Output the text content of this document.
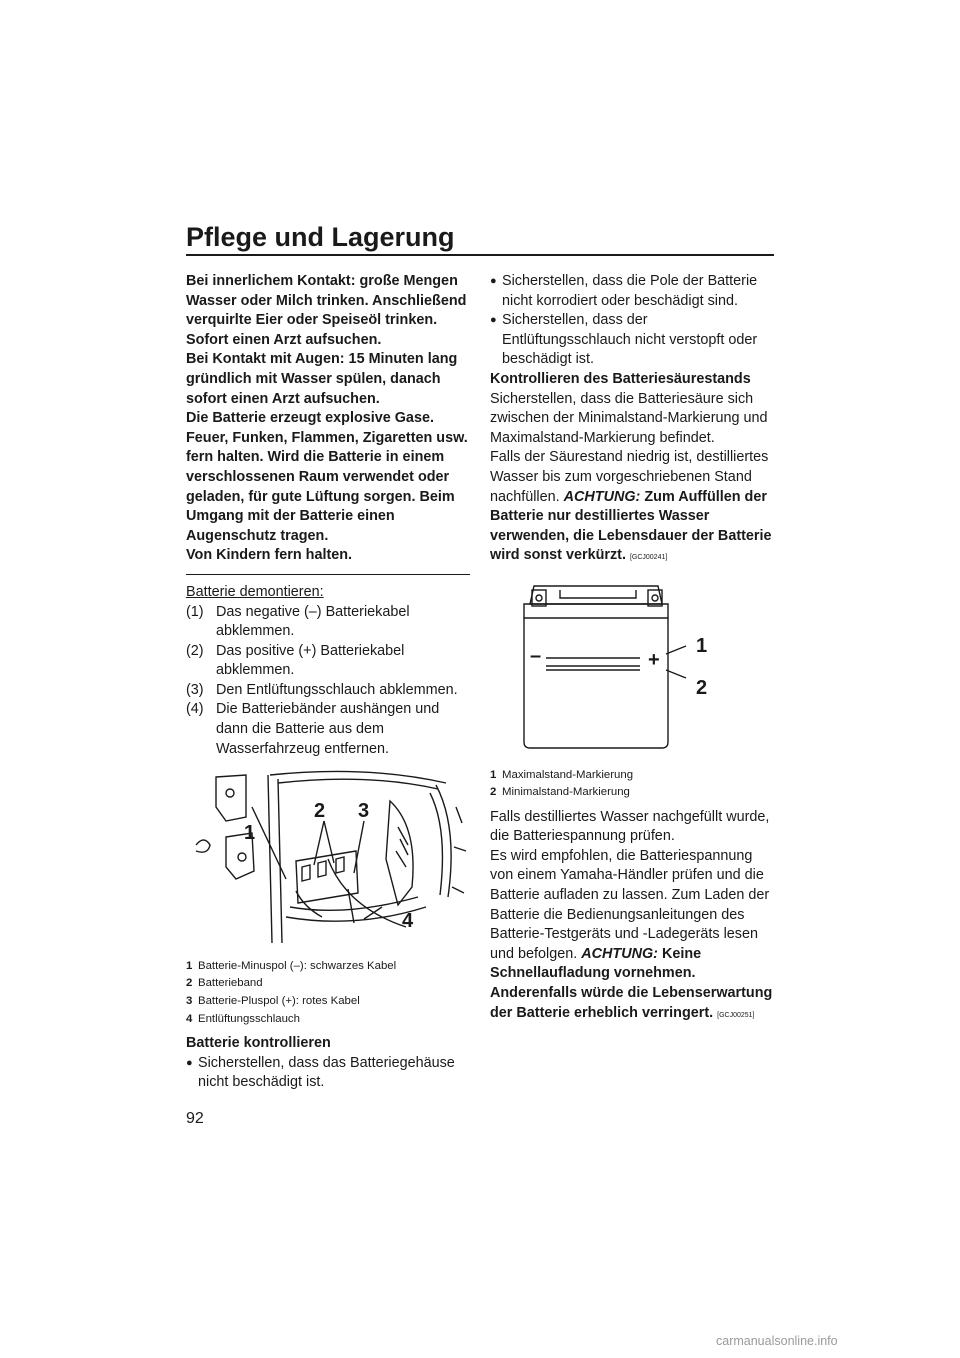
Pflege und Lagerung
92
Bei innerlichem Kontakt: große Mengen Wasser oder Milch trinken. Anschließend verquirlte Eier oder Speiseöl trinken. Sofort einen Arzt aufsuchen.
Bei Kontakt mit Augen: 15 Minuten lang gründlich mit Wasser spülen, danach sofort einen Arzt aufsuchen.
Die Batterie erzeugt explosive Gase. Feuer, Funken, Flammen, Zigaretten usw. fern halten. Wird die Batterie in einem verschlossenen Raum verwendet oder geladen, für gute Lüftung sorgen. Beim Umgang mit der Batterie einen Augenschutz tragen.
Von Kindern fern halten.
Batterie demontieren:
(1) Das negative (–) Batteriekabel abklemmen.
(2) Das positive (+) Batteriekabel abklemmen.
(3) Den Entlüftungsschlauch abklemmen.
(4) Die Batteriebänder aushängen und dann die Batterie aus dem Wasserfahrzeug entfernen.
1
2 3
4
1 Batterie-Minuspol (–): schwarzes Kabel
2 Batterieband
3 Batterie-Pluspol (+): rotes Kabel
4 Entlüftungsschlauch
Batterie kontrollieren
● Sicherstellen, dass das Batteriegehäuse nicht beschädigt ist.
● Sicherstellen, dass die Pole der Batterie nicht korrodiert oder beschädigt sind.
● Sicherstellen, dass der Entlüftungsschlauch nicht verstopft oder beschädigt ist.
Kontrollieren des Batteriesäurestands
Sicherstellen, dass die Batteriesäure sich zwischen der Minimalstand-Markierung und Maximalstand-Markierung befindet.
Falls der Säurestand niedrig ist, destilliertes Wasser bis zum vorgeschriebenen Stand nachfüllen. ACHTUNG: Zum Auffüllen der Batterie nur destilliertes Wasser verwenden, die Lebensdauer der Batterie wird sonst verkürzt. [GCJ00241]
–	+
1
2
1 Maximalstand-Markierung
2 Minimalstand-Markierung
Falls destilliertes Wasser nachgefüllt wurde, die Batteriespannung prüfen.
Es wird empfohlen, die Batteriespannung von einem Yamaha-Händler prüfen und die Batterie aufladen zu lassen. Zum Laden der Batterie die Bedienungsanleitungen des Batterie-Testgeräts und -Ladegeräts lesen und befolgen. ACHTUNG: Keine Schnellaufladung vornehmen. Anderenfalls würde die Lebenserwartung der Batterie erheblich verringert. [GCJ00251]
carmanualsonline.info
